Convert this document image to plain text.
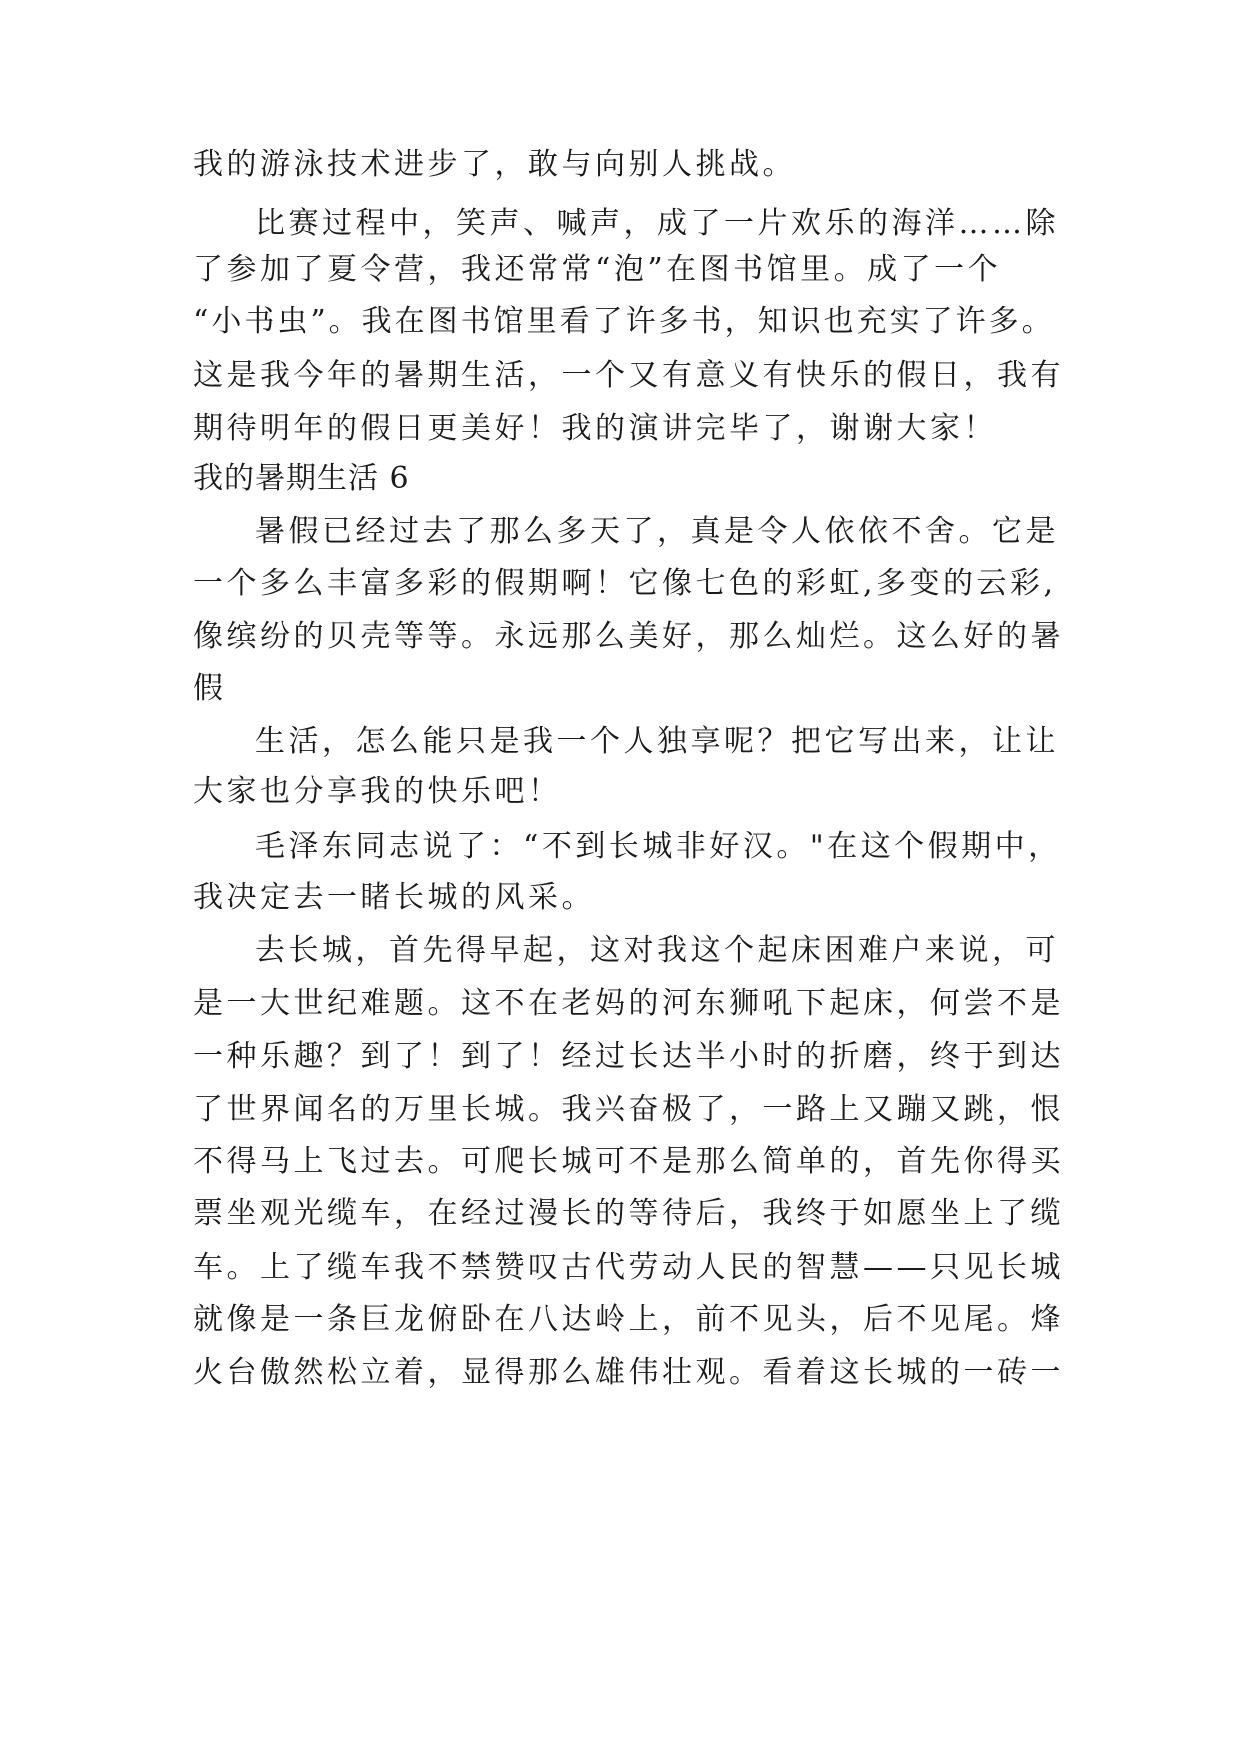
我的游泳技术进步了，敢与向别人挑战。
比赛过程中，笑声、喊声，成了一片欢乐的海洋……除
了参加了夏令营，我还常常“泡”在图书馆里。成了一个
“小书虫”。我在图书馆里看了许多书，知识也充实了许多。
这是我今年的暑期生活，一个又有意义有快乐的假日，我有
期待明年的假日更美好！我的演讲完毕了，谢谢大家！
我的暑期生活 6
暑假已经过去了那么多天了，真是令人依依不舍。它是
一个多么丰富多彩的假期啊！它像七色的彩虹,多变的云彩,
像缤纷的贝壳等等。永远那么美好，那么灿烂。这么好的暑
假
生活，怎么能只是我一个人独享呢？把它写出来，让让
大家也分享我的快乐吧！
毛泽东同志说了：“不到长城非好汉。"在这个假期中，
我决定去一睹长城的风采。
去长城，首先得早起，这对我这个起床困难户来说，可
是一大世纪难题。这不在老妈的河东狮吼下起床，何尝不是
一种乐趣？到了！到了！经过长达半小时的折磨，终于到达
了世界闻名的万里长城。我兴奋极了，一路上又蹦又跳，恨
不得马上飞过去。可爬长城可不是那么简单的，首先你得买
票坐观光缆车，在经过漫长的等待后，我终于如愿坐上了缆
车。上了缆车我不禁赞叹古代劳动人民的智慧——只见长城
就像是一条巨龙俯卧在八达岭上，前不见头，后不见尾。烽
火台傲然松立着，显得那么雄伟壮观。看着这长城的一砖一
